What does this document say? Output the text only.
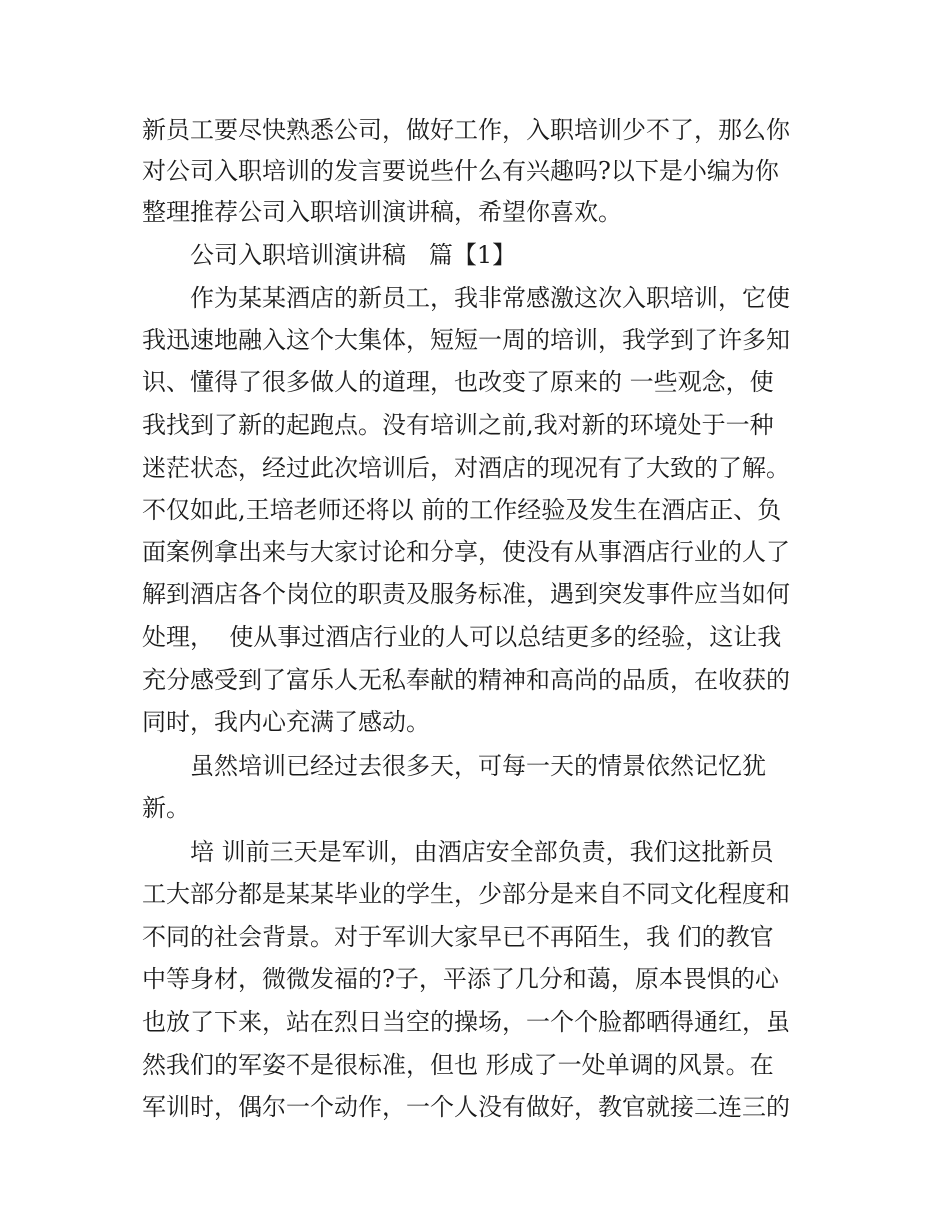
新员工要尽快熟悉公司，做好工作，入职培训少不了，那么你
对公司入职培训的发言要说些什么有兴趣吗?以下是小编为你
整理推荐公司入职培训演讲稿，希望你喜欢。
公司入职培训演讲稿   篇【1】
作为某某酒店的新员工，我非常感激这次入职培训，它使
我迅速地融入这个大集体，短短一周的培训，我学到了许多知
识、懂得了很多做人的道理，也改变了原来的 一些观念，使
我找到了新的起跑点。没有培训之前,我对新的环境处于一种
迷茫状态，经过此次培训后，对酒店的现况有了大致的了解。
不仅如此,王培老师还将以 前的工作经验及发生在酒店正、负
面案例拿出来与大家讨论和分享，使没有从事酒店行业的人了
解到酒店各个岗位的职责及服务标准，遇到突发事件应当如何
处理，  使从事过酒店行业的人可以总结更多的经验，这让我
充分感受到了富乐人无私奉献的精神和高尚的品质，在收获的
同时，我内心充满了感动。
虽然培训已经过去很多天，可每一天的情景依然记忆犹
新。
培 训前三天是军训，由酒店安全部负责，我们这批新员
工大部分都是某某毕业的学生，少部分是来自不同文化程度和
不同的社会背景。对于军训大家早已不再陌生，我 们的教官
中等身材，微微发福的?子，平添了几分和蔼，原本畏惧的心
也放了下来，站在烈日当空的操场，一个个脸都晒得通红，虽
然我们的军姿不是很标准，但也 形成了一处单调的风景。在
军训时，偶尔一个动作，一个人没有做好，教官就接二连三的
